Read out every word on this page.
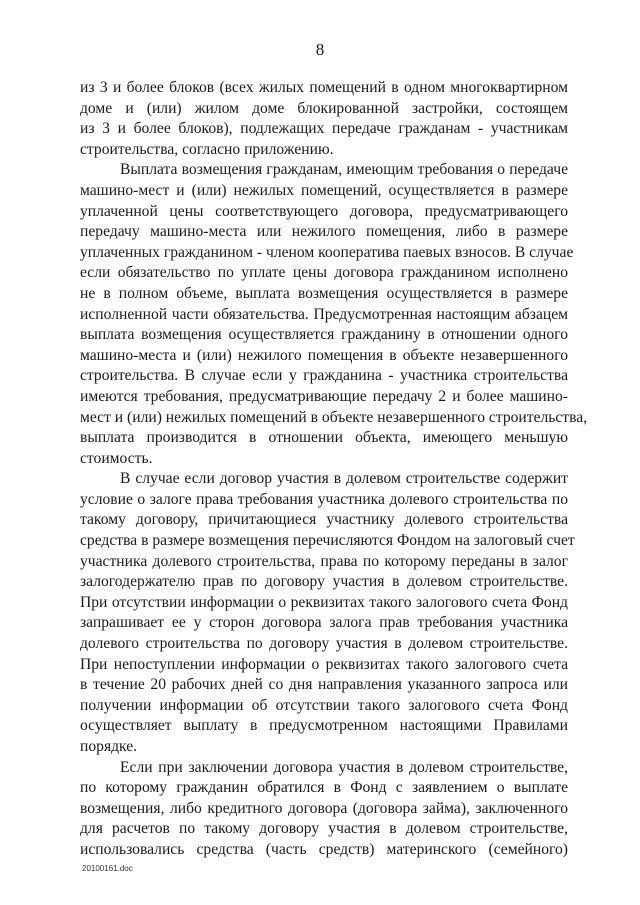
8
из 3 и более блоков (всех жилых помещений в одном многоквартирном
доме и (или) жилом доме блокированной застройки, состоящем
из 3 и более блоков), подлежащих передаче гражданам - участникам
строительства, согласно приложению.
Выплата возмещения гражданам, имеющим требования о передаче
машино-мест и (или) нежилых помещений, осуществляется в размере
уплаченной цены соответствующего договора, предусматривающего
передачу машино-места или нежилого помещения, либо в размере
уплаченных гражданином - членом кооператива паевых взносов. В случае
если обязательство по уплате цены договора гражданином исполнено
не в полном объеме, выплата возмещения осуществляется в размере
исполненной части обязательства. Предусмотренная настоящим абзацем
выплата возмещения осуществляется гражданину в отношении одного
машино-места и (или) нежилого помещения в объекте незавершенного
строительства. В случае если у гражданина - участника строительства
имеются требования, предусматривающие передачу 2 и более машино-
мест и (или) нежилых помещений в объекте незавершенного строительства,
выплата производится в отношении объекта, имеющего меньшую
стоимость.
В случае если договор участия в долевом строительстве содержит
условие о залоге права требования участника долевого строительства по
такому договору, причитающиеся участнику долевого строительства
средства в размере возмещения перечисляются Фондом на залоговый счет
участника долевого строительства, права по которому переданы в залог
залогодержателю прав по договору участия в долевом строительстве.
При отсутствии информации о реквизитах такого залогового счета Фонд
запрашивает ее у сторон договора залога прав требования участника
долевого строительства по договору участия в долевом строительстве.
При непоступлении информации о реквизитах такого залогового счета
в течение 20 рабочих дней со дня направления указанного запроса или
получении информации об отсутствии такого залогового счета Фонд
осуществляет выплату в предусмотренном настоящими Правилами
порядке.
Если при заключении договора участия в долевом строительстве,
по которому гражданин обратился в Фонд с заявлением о выплате
возмещения, либо кредитного договора (договора займа), заключенного
для расчетов по такому договору участия в долевом строительстве,
использовались средства (часть средств) материнского (семейного)
20100161.doc
